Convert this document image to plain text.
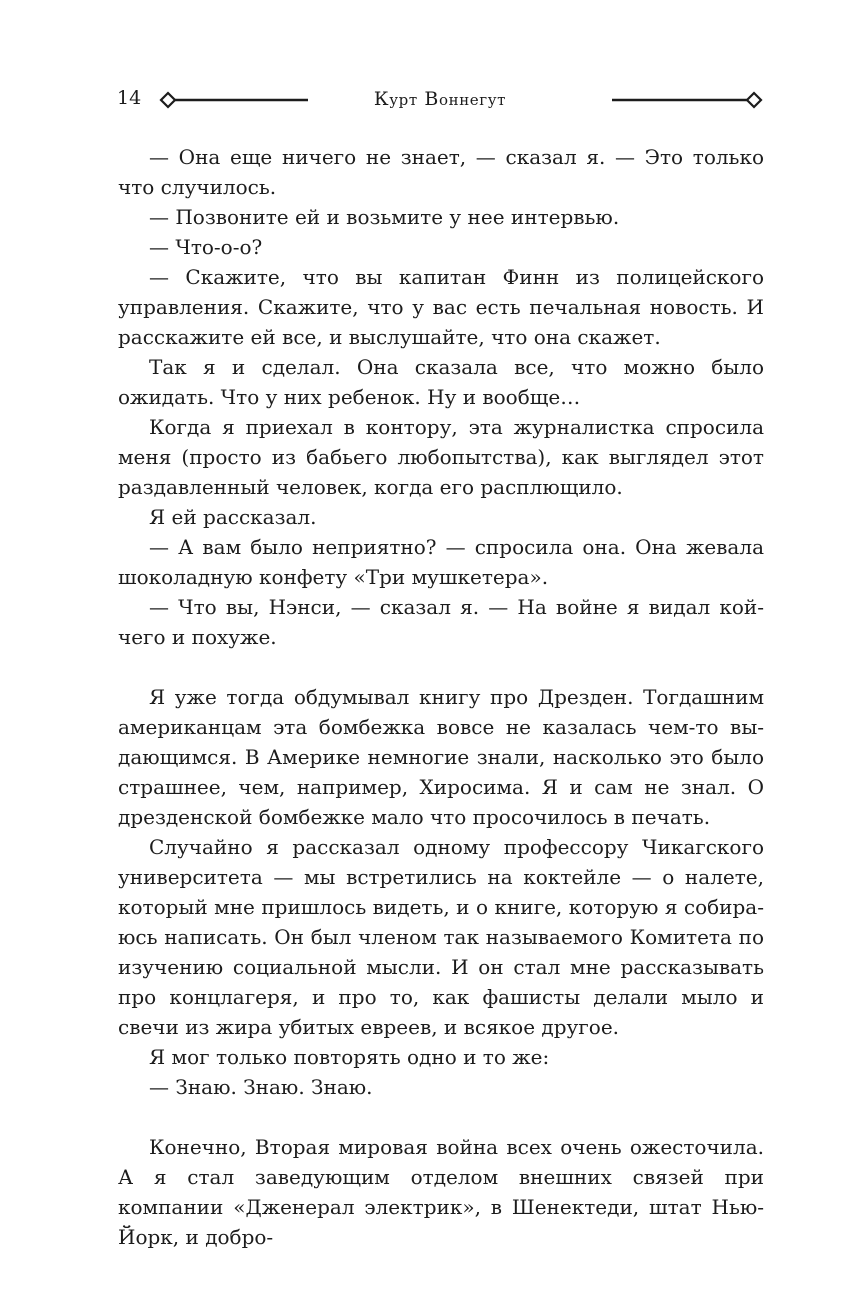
14	Курт Воннегут

— Она еще ничего не знает, — сказал я. — Это только что случилось.

— Позвоните ей и возьмите у нее интервью.

— Что-о-о?

— Скажите, что вы капитан Финн из полицейского управления. Скажите, что у вас есть печальная новость. И расскажите ей все, и выслушайте, что она скажет.

Так я и сделал. Она сказала все, что можно было ожидать. Что у них ребенок. Ну и вообще…

Когда я приехал в контору, эта журналистка спросила меня (просто из бабьего любопытства), как выглядел этот раздавленный человек, когда его расплющило.

Я ей рассказал.

— А вам было неприятно? — спросила она. Она жевала шоколадную конфету «Три мушкетера».

— Что вы, Нэнси, — сказал я. — На войне я видал кой-чего и похуже.

Я уже тогда обдумывал книгу про Дрезден. Тогдашним американцам эта бомбежка вовсе не казалась чем-то выдающимся. В Америке немногие знали, насколько это было страшнее, чем, например, Хиросима. Я и сам не знал. О дрезденской бомбежке мало что просочилось в печать.

Случайно я рассказал одному профессору Чикагского университета — мы встретились на коктейле — о налете, который мне пришлось видеть, и о книге, которую я собираюсь написать. Он был членом так называемого Комитета по изучению социальной мысли. И он стал мне рассказывать про концлагеря, и про то, как фашисты делали мыло и свечи из жира убитых евреев, и всякое другое.

Я мог только повторять одно и то же:

— Знаю. Знаю. Знаю.

Конечно, Вторая мировая война всех очень ожесточила. А я стал заведующим отделом внешних связей при компании «Дженерал электрик», в Шенектеди, штат Нью-Йорк, и добро-
